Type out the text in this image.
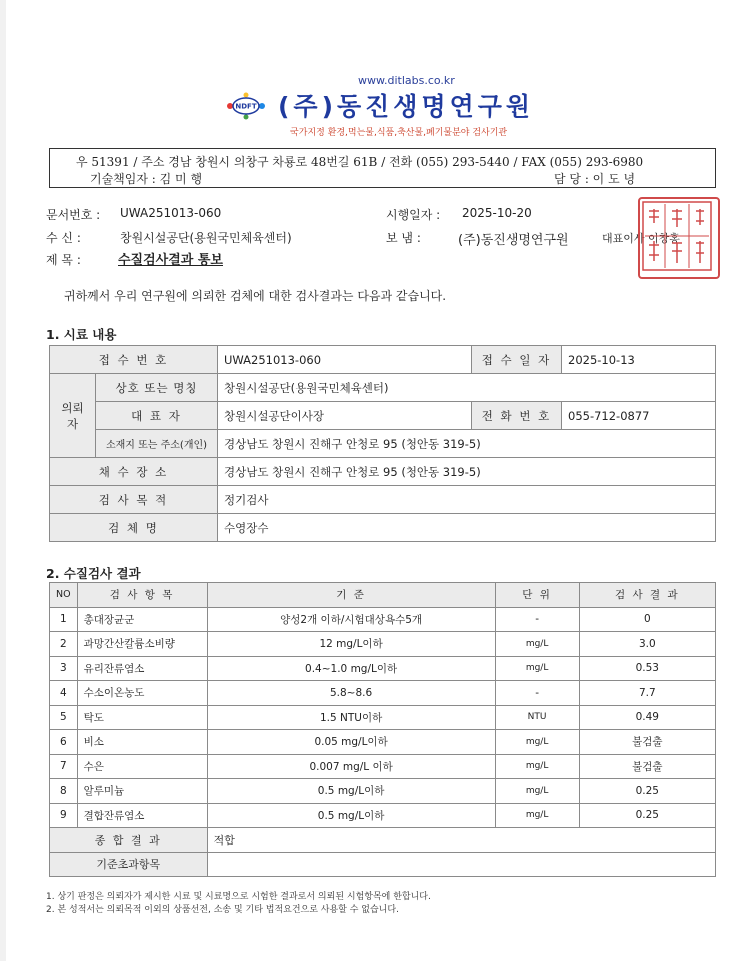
www.ditlabs.co.kr
NDFT (주)동진생명연구원
국가지정 환경,먹는물,식품,축산물,폐기물분야 검사기관
우 51391 / 주소 경남 창원시 의창구 차룡로 48번길 61B / 전화 (055) 293-5440 / FAX (055) 293-6980
기술책임자 : 김 미 행	담 당 : 이 도 녕
문서번호 : UWA251013-060	시행일자 : 2025-10-20
수 신 :	창원시설공단(용원국민체육센터)	보 냄 :	(주)동진생명연구원	대표이사 이창홍
제 목 :	수질검사결과 통보
귀하께서 우리 연구원에 의뢰한 검체에 대한 검사결과는 다음과 같습니다.
1. 시료 내용
접 수 번 호		UWA251013-060	접 수 일 자	2025-10-13
의뢰자	상호 또는 명칭	창원시설공단(용원국민체육센터)		
	대 표 자	창원시설공단이사장	전 화 번 호	055-712-0877
	소재지 또는 주소(개인)	경상남도 창원시 진해구 안청로 95 (청안동 319-5)		
채 수 장 소		경상남도 창원시 진해구 안청로 95 (청안동 319-5)		
검 사 목 적		정기검사		
검 체 명		수영장수		
2. 수질검사 결과
NO	검 사 항 목	기 준	단 위	검 사 결 과
1	총대장균군	양성2개 이하/시험대상욕수5개	-	0
2	과망간산칼륨소비량	12 mg/L이하	mg/L	3.0
3	유리잔류염소	0.4~1.0 mg/L이하	mg/L	0.53
4	수소이온농도	5.8~8.6	-	7.7
5	탁도	1.5 NTU이하	NTU	0.49
6	비소	0.05 mg/L이하	mg/L	불검출
7	수은	0.007 mg/L 이하	mg/L	불검출
8	알루미늄	0.5 mg/L이하	mg/L	0.25
9	결합잔류염소	0.5 mg/L이하	mg/L	0.25
종 합 결 과		적합		
기준초과항목				
1. 상기 판정은 의뢰자가 제시한 시료 및 시료명으로 시험한 결과로서 의뢰된 시험항목에 한합니다.
2. 본 성적서는 의뢰목적 이외의 상품선전, 소송 및 기타 법적요건으로 사용할 수 없습니다.
